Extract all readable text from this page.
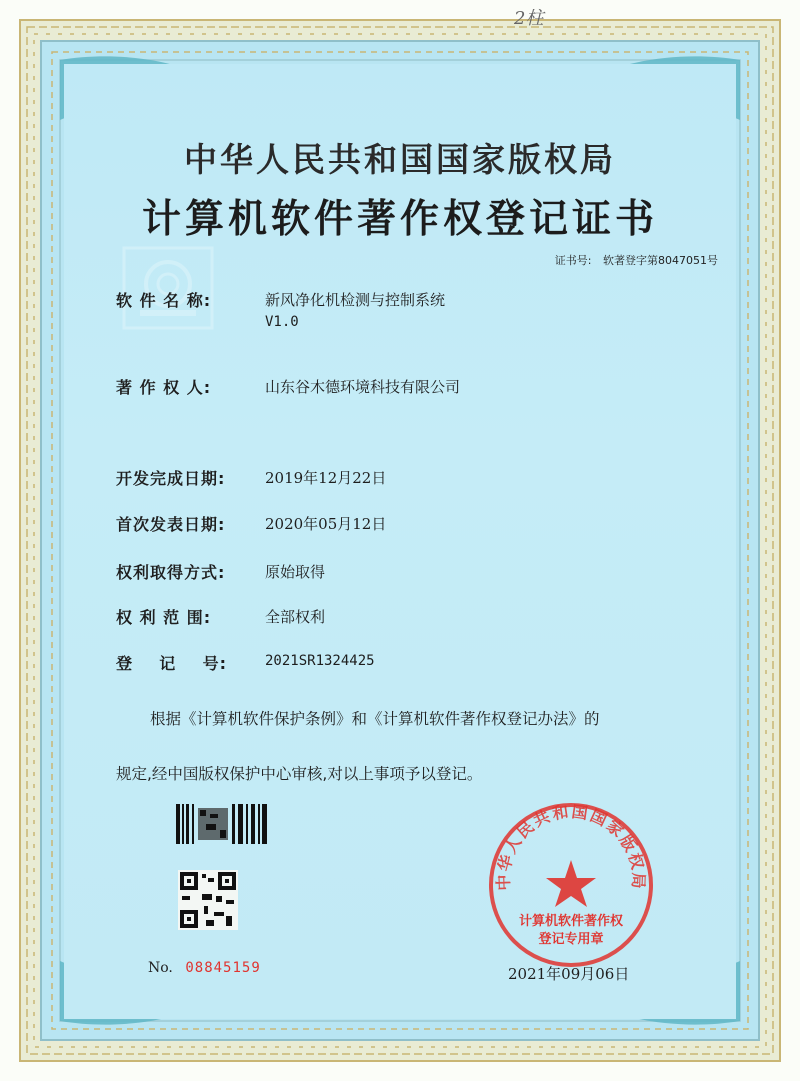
2柱
中华人民共和国国家版权局
计算机软件著作权登记证书
证书号: 软著登字第8047051号
软 件 名 称:	新风净化机检测与控制系统
V1.0
著 作 权 人:	山东谷木德环境科技有限公司
开发完成日期:	2019年12月22日
首次发表日期:	2020年05月12日
权利取得方式:	原始取得
权 利 范 围:	全部权利
登    记    号:	2021SR1324425
根据《计算机软件保护条例》和《计算机软件著作权登记办法》的
规定,经中国版权保护中心审核,对以上事项予以登记。
中华人民共和国国家版权局
计算机软件著作权
登记专用章
No. 08845159	2021年09月06日
